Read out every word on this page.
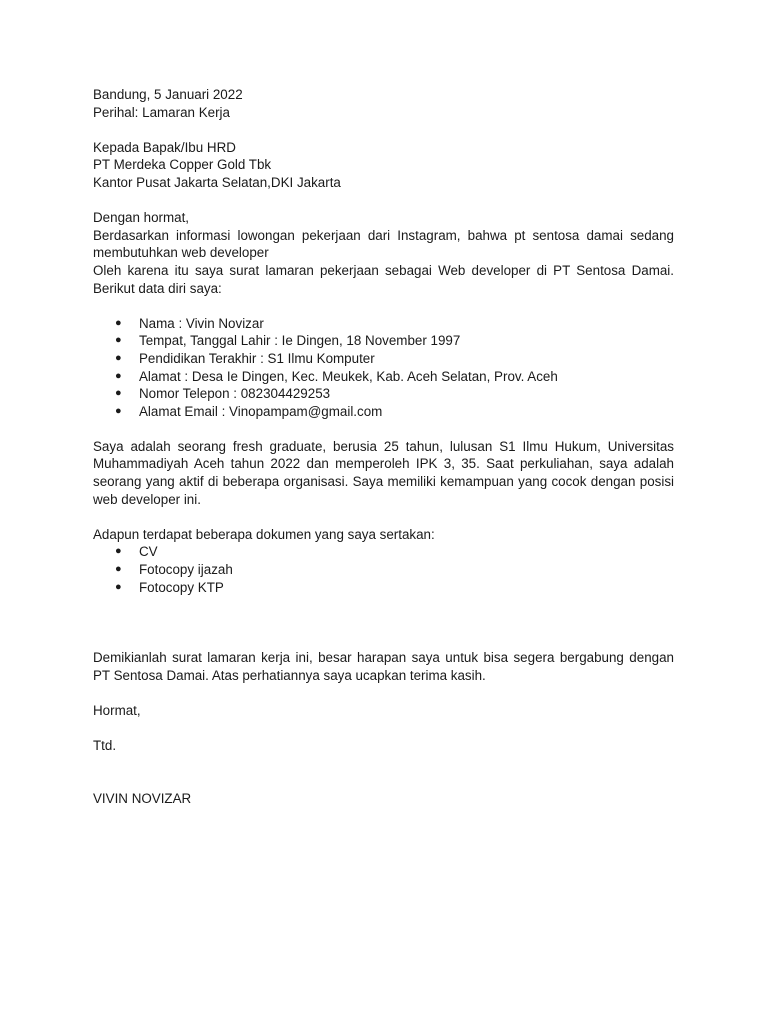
Bandung, 5 Januari 2022
Perihal: Lamaran Kerja
Kepada Bapak/Ibu HRD
PT Merdeka Copper Gold Tbk
Kantor Pusat Jakarta Selatan,DKI Jakarta
Dengan hormat,
Berdasarkan informasi lowongan pekerjaan dari Instagram, bahwa pt sentosa damai sedang membutuhkan web developer
Oleh karena itu saya surat lamaran pekerjaan sebagai Web developer di PT Sentosa Damai. Berikut data diri saya:
● Nama : Vivin Novizar
● Tempat, Tanggal Lahir : Ie Dingen, 18 November 1997
● Pendidikan Terakhir : S1 Ilmu Komputer
● Alamat : Desa Ie Dingen, Kec. Meukek, Kab. Aceh Selatan, Prov. Aceh
● Nomor Telepon : 082304429253
● Alamat Email : Vinopampam@gmail.com
Saya adalah seorang fresh graduate, berusia 25 tahun, lulusan S1 Ilmu Hukum, Universitas Muhammadiyah Aceh tahun 2022 dan memperoleh IPK 3, 35. Saat perkuliahan, saya adalah seorang yang aktif di beberapa organisasi. Saya memiliki kemampuan yang cocok dengan posisi web developer ini.
Adapun terdapat beberapa dokumen yang saya sertakan:
● CV
● Fotocopy ijazah
● Fotocopy KTP
Demikianlah surat lamaran kerja ini, besar harapan saya untuk bisa segera bergabung dengan PT Sentosa Damai. Atas perhatiannya saya ucapkan terima kasih.
Hormat,
Ttd.
VIVIN NOVIZAR
